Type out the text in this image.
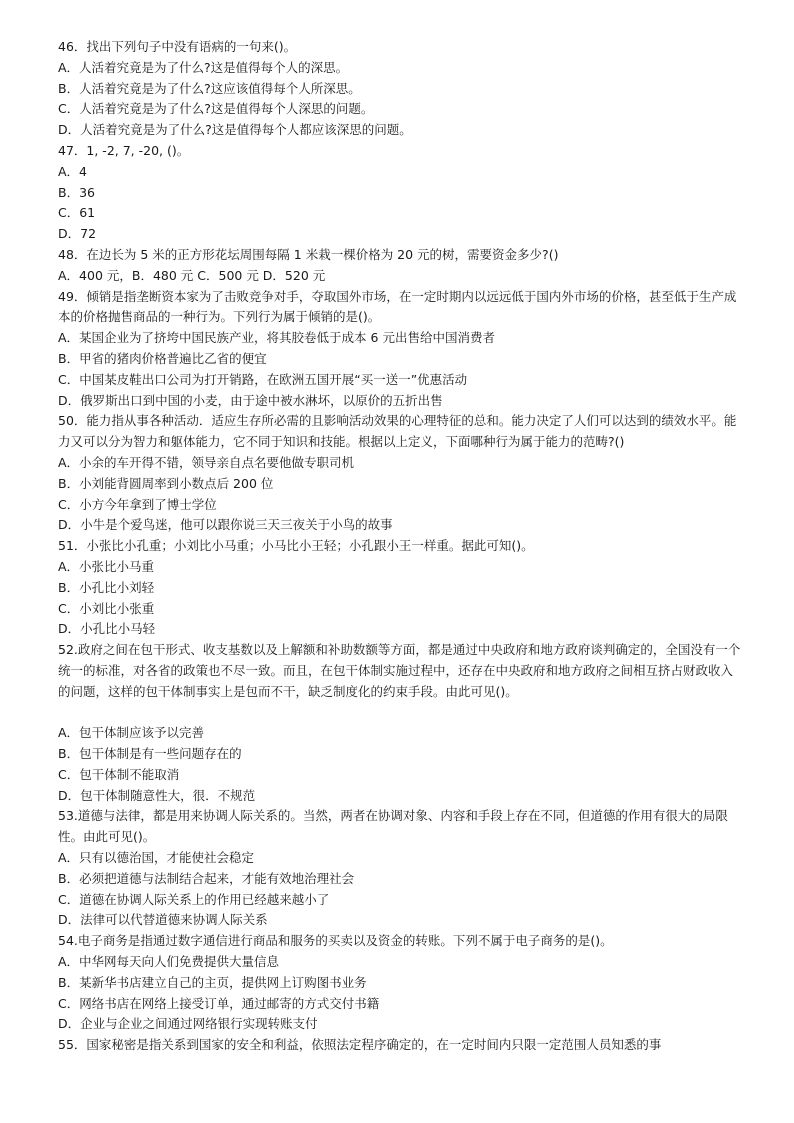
46．找出下列句子中没有语病的一句来()。
A．人活着究竟是为了什么?这是值得每个人的深思。
B．人活着究竟是为了什么?这应该值得每个人所深思。
C．人活着究竟是为了什么?这是值得每个人深思的问题。
D．人活着究竟是为了什么?这是值得每个人都应该深思的问题。
47．1, -2, 7, -20, ()。
A．4
B．36
C．61
D．72
48．在边长为 5 米的正方形花坛周围每隔 1 米栽一棵价格为 20 元的树，需要资金多少?()
A．400 元，B．480 元 C．500 元 D．520 元
49．倾销是指垄断资本家为了击败竞争对手，夺取国外市场，在一定时期内以远远低于国内外市场的价格，甚至低于生产成本的价格抛售商品的一种行为。下列行为属于倾销的是()。
A．某国企业为了挤垮中国民族产业，将其胶卷低于成本 6 元出售给中国消费者
B．甲省的猪肉价格普遍比乙省的便宜
C．中国某皮鞋出口公司为打开销路，在欧洲五国开展“买一送一”优惠活动
D．俄罗斯出口到中国的小麦，由于途中被水淋坏，以原价的五折出售
50．能力指从事各种活动．适应生存所必需的且影响活动效果的心理特征的总和。能力决定了人们可以达到的绩效水平。能力又可以分为智力和躯体能力，它不同于知识和技能。根据以上定义，下面哪种行为属于能力的范畴?()
A．小余的车开得不错，领导亲自点名要他做专职司机
B．小刘能背圆周率到小数点后 200 位
C．小方今年拿到了博士学位
D．小牛是个爱鸟迷，他可以跟你说三天三夜关于小鸟的故事
51．小张比小孔重；小刘比小马重；小马比小王轻；小孔跟小王一样重。据此可知()。
A．小张比小马重
B．小孔比小刘轻
C．小刘比小张重
D．小孔比小马轻
52.政府之间在包干形式、收支基数以及上解额和补助数额等方面，都是通过中央政府和地方政府谈判确定的，全国没有一个统一的标准，对各省的政策也不尽一致。而且，在包干体制实施过程中，还存在中央政府和地方政府之间相互挤占财政收入的问题，这样的包干体制事实上是包而不干，缺乏制度化的约束手段。由此可见()。
A．包干体制应该予以完善
B．包干体制是有一些问题存在的
C．包干体制不能取消
D．包干体制随意性大，很．不规范
53.道德与法律，都是用来协调人际关系的。当然，两者在协调对象、内容和手段上存在不同，但道德的作用有很大的局限性。由此可见()。
A．只有以德治国，才能使社会稳定
B．必须把道德与法制结合起来，才能有效地治理社会
C．道德在协调人际关系上的作用已经越来越小了
D．法律可以代替道德来协调人际关系
54.电子商务是指通过数字通信进行商品和服务的买卖以及资金的转账。下列不属于电子商务的是()。
A．中华网每天向人们免费提供大量信息
B．某新华书店建立自己的主页，提供网上订购图书业务
C．网络书店在网络上接受订单，通过邮寄的方式交付书籍
D．企业与企业之间通过网络银行实现转账支付
55．国家秘密是指关系到国家的安全和利益，依照法定程序确定的，在一定时间内只限一定范围人员知悉的事
